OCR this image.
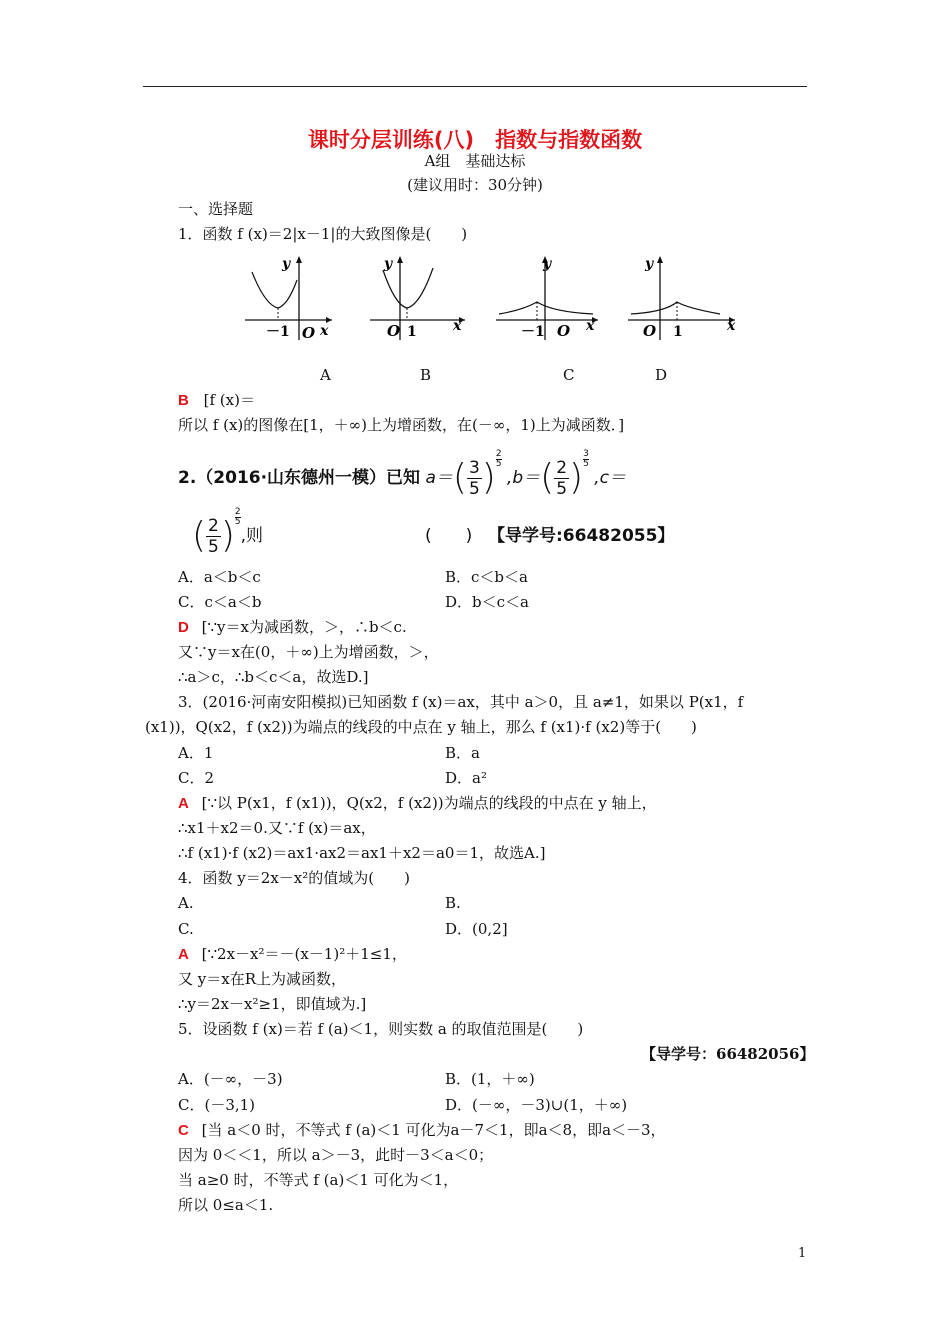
课时分层训练(八)　指数与指数函数
A组　基础达标
(建议用时：30分钟)
一、选择题
1．函数 f (x)＝2|x－1|的大致图像是(　　)
y
x
－1 O
y
x
O 1
y
x
－1 O
y
x
O 1
A	B	C	D
B [f (x)＝
所以 f (x)的图像在[1，＋∞)上为增函数，在(－∞，1)上为减函数．]
2.（2016·山东德州一模）已知 $a=( \frac{3}{5}$ ) $\frac{2}{5}$
$,b=( \frac{2}{5}$ ) $\frac{3}{5}$
,c＝
( $\frac{2}{5}$ ) $\frac{2}{5}$
,则	(　　) 【导学号:66482055】
A．a＜b＜c	B．c＜b＜a
C．c＜a＜b	D．b＜c＜a
D [∵y＝x为减函数，＞，∴b＜c.
又∵y＝x在(0，＋∞)上为增函数，＞，
∴a＞c，∴b＜c＜a，故选D.]
3．(2016·河南安阳模拟)已知函数 f (x)＝ax，其中 a＞0，且 a≠1，如果以 P(x1，f
(x1))，Q(x2，f (x2))为端点的线段的中点在 y 轴上，那么 f (x1)·f (x2)等于(　　)
A．1	B．a
C．2	D．a²
A [∵以 P(x1，f (x1))，Q(x2，f (x2))为端点的线段的中点在 y 轴上，
∴x1＋x2＝0.又∵f (x)＝ax，
∴f (x1)·f (x2)＝ax1·ax2＝ax1＋x2＝a0＝1，故选A.]
4．函数 y＝2x－x²的值域为(　　)
A.	B.
C.	D．(0,2]
A [∵2x－x²＝－(x－1)²＋1≤1，
又 y＝x在R上为减函数，
∴y＝2x－x²≥1，即值域为.]
5．设函数 f (x)＝若 f (a)＜1，则实数 a 的取值范围是(　　)
【导学号：66482056】
A．(－∞，－3)	B．(1，＋∞)
C．(－3,1)	D．(－∞，－3)∪(1，＋∞)
C [当 a＜0 时，不等式 f (a)＜1 可化为a－7＜1，即a＜8，即a＜－3，
因为 0＜＜1，所以 a＞－3，此时－3＜a＜0；
当 a≥0 时，不等式 f (a)＜1 可化为＜1，
所以 0≤a＜1.
1
